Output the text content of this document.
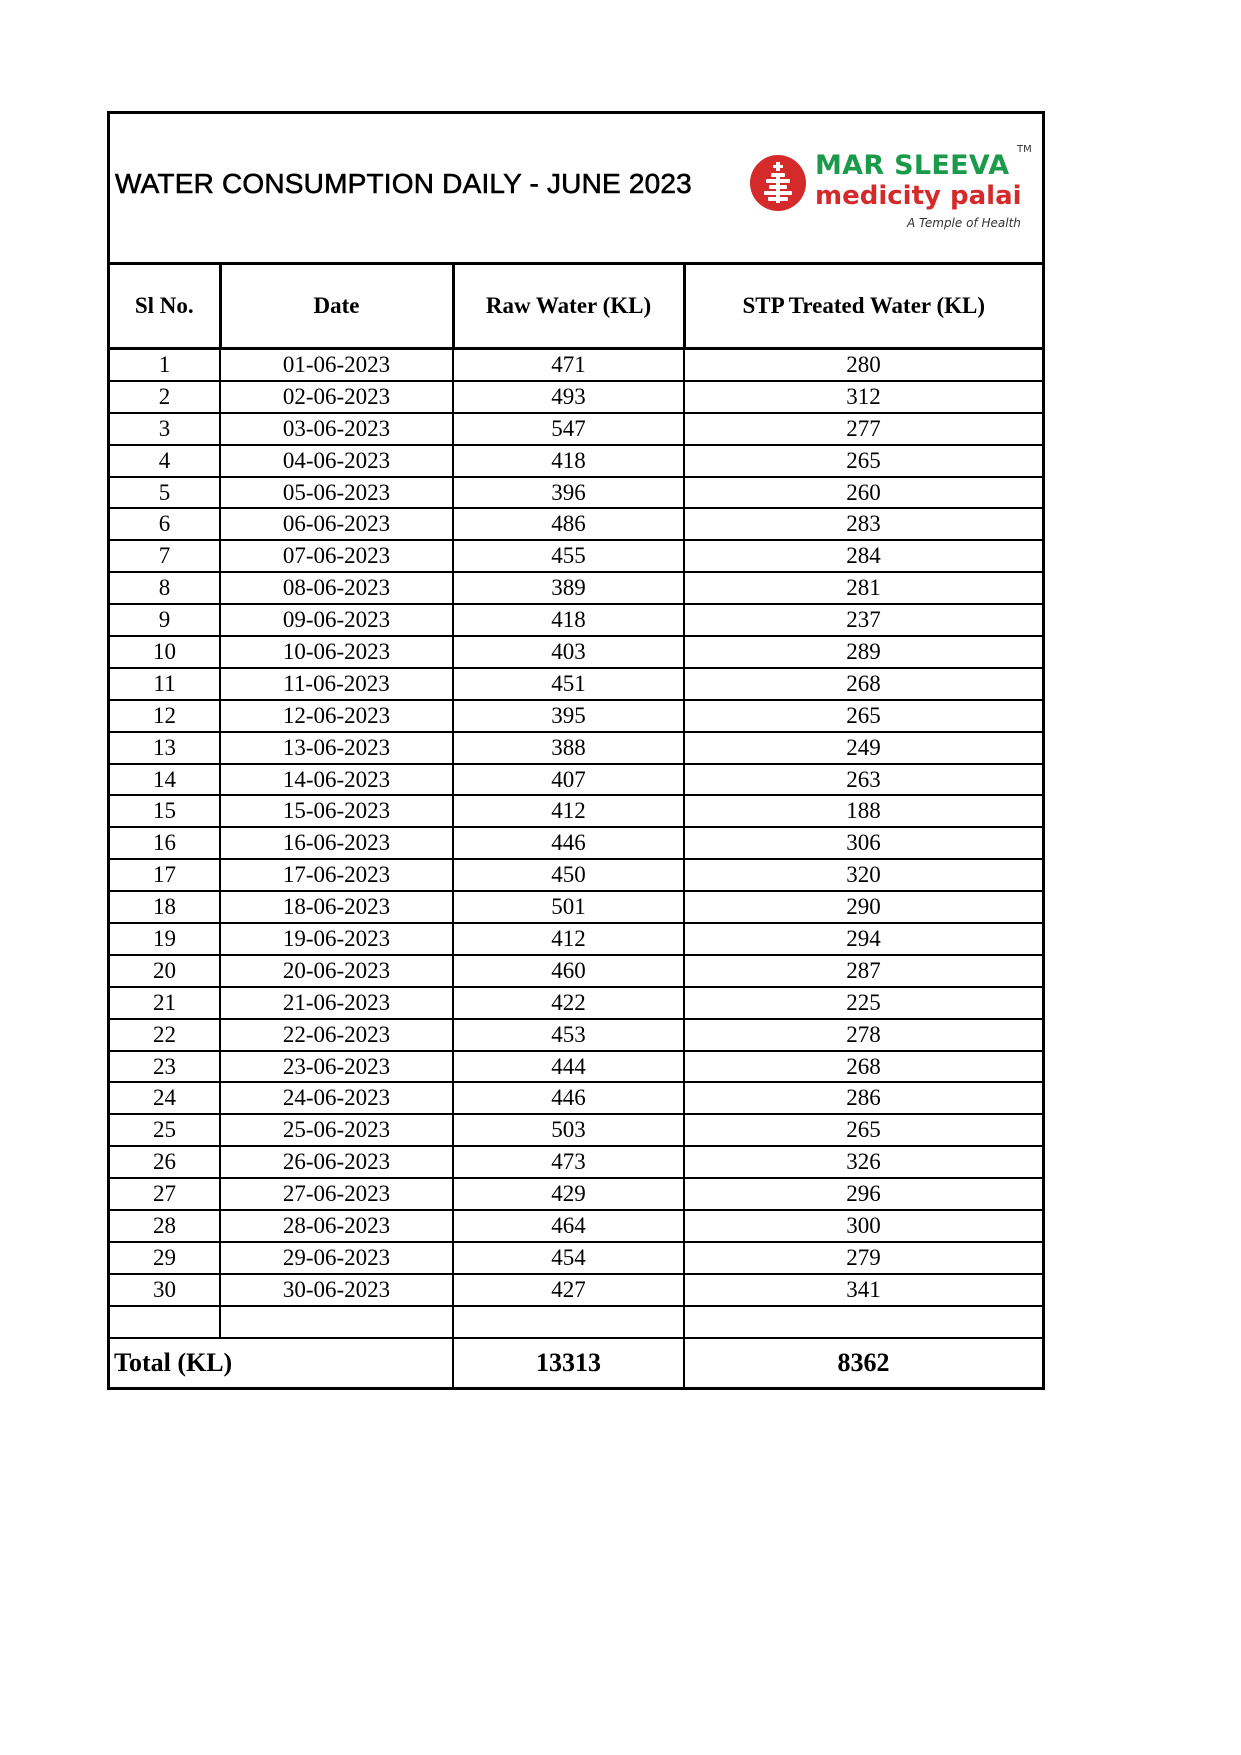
WATER CONSUMPTION DAILY - JUNE 2023
MAR SLEEVA
TM
medicity palai
A Temple of Health
Sl No.	Date	Raw Water (KL)	STP Treated Water (KL)
1	01-06-2023	471	280
2	02-06-2023	493	312
3	03-06-2023	547	277
4	04-06-2023	418	265
5	05-06-2023	396	260
6	06-06-2023	486	283
7	07-06-2023	455	284
8	08-06-2023	389	281
9	09-06-2023	418	237
10	10-06-2023	403	289
11	11-06-2023	451	268
12	12-06-2023	395	265
13	13-06-2023	388	249
14	14-06-2023	407	263
15	15-06-2023	412	188
16	16-06-2023	446	306
17	17-06-2023	450	320
18	18-06-2023	501	290
19	19-06-2023	412	294
20	20-06-2023	460	287
21	21-06-2023	422	225
22	22-06-2023	453	278
23	23-06-2023	444	268
24	24-06-2023	446	286
25	25-06-2023	503	265
26	26-06-2023	473	326
27	27-06-2023	429	296
28	28-06-2023	464	300
29	29-06-2023	454	279
30	30-06-2023	427	341

Total (KL)		13313	8362
